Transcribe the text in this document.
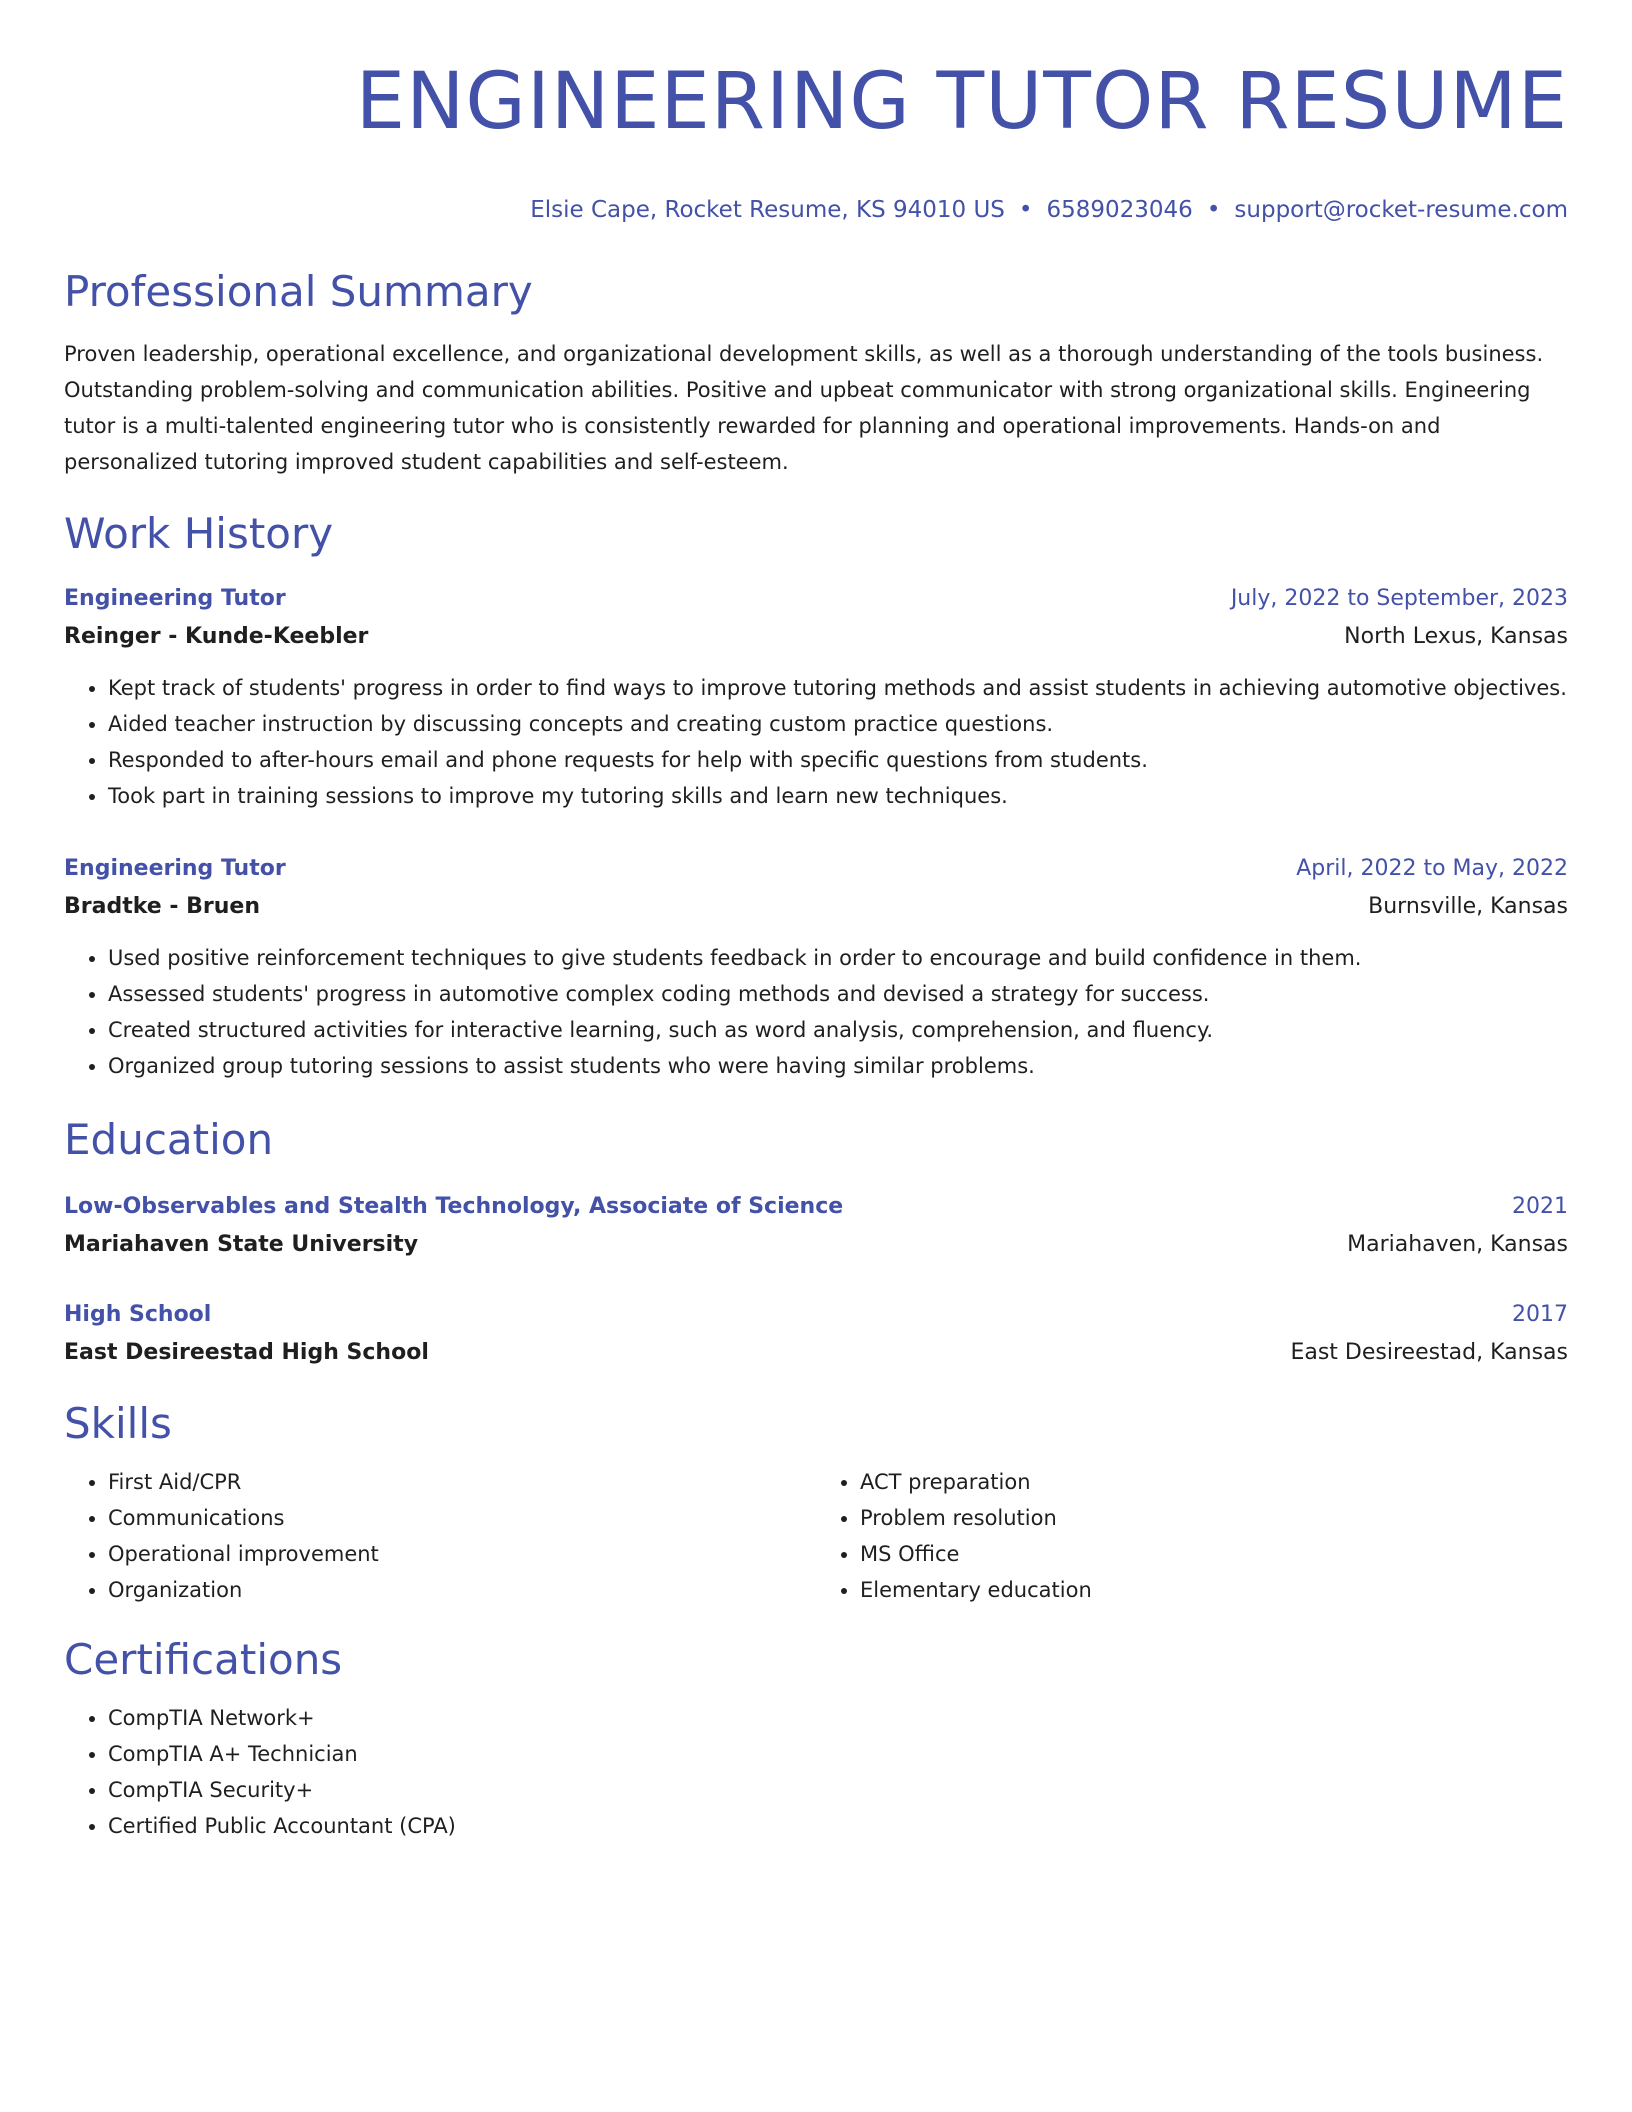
ENGINEERING TUTOR RESUME
Elsie Cape, Rocket Resume, KS 94010 US • 6589023046 • support@rocket-resume.com
Professional Summary

Proven leadership, operational excellence, and organizational development skills, as well as a thorough understanding of the tools business. Outstanding problem-solving and communication abilities. Positive and upbeat communicator with strong organizational skills. Engineering tutor is a multi-talented engineering tutor who is consistently rewarded for planning and operational improvements. Hands-on and personalized tutoring improved student capabilities and self-esteem.

Work History
Engineering Tutor	July, 2022 to September, 2023
Reinger - Kunde-Keebler	North Lexus, Kansas
• Kept track of students' progress in order to find ways to improve tutoring methods and assist students in achieving automotive objectives.
• Aided teacher instruction by discussing concepts and creating custom practice questions.
• Responded to after-hours email and phone requests for help with specific questions from students.
• Took part in training sessions to improve my tutoring skills and learn new techniques.
Engineering Tutor	April, 2022 to May, 2022
Bradtke - Bruen	Burnsville, Kansas
• Used positive reinforcement techniques to give students feedback in order to encourage and build confidence in them.
• Assessed students' progress in automotive complex coding methods and devised a strategy for success.
• Created structured activities for interactive learning, such as word analysis, comprehension, and fluency.
• Organized group tutoring sessions to assist students who were having similar problems.
Education
Low-Observables and Stealth Technology, Associate of Science	2021
Mariahaven State University	Mariahaven, Kansas
High School	2017
East Desireestad High School	East Desireestad, Kansas
Skills
• First Aid/CPR
• Communications
• Operational improvement
• Organization
• ACT preparation
• Problem resolution
• MS Office
• Elementary education
Certifications
• CompTIA Network+
• CompTIA A+ Technician
• CompTIA Security+
• Certified Public Accountant (CPA)
